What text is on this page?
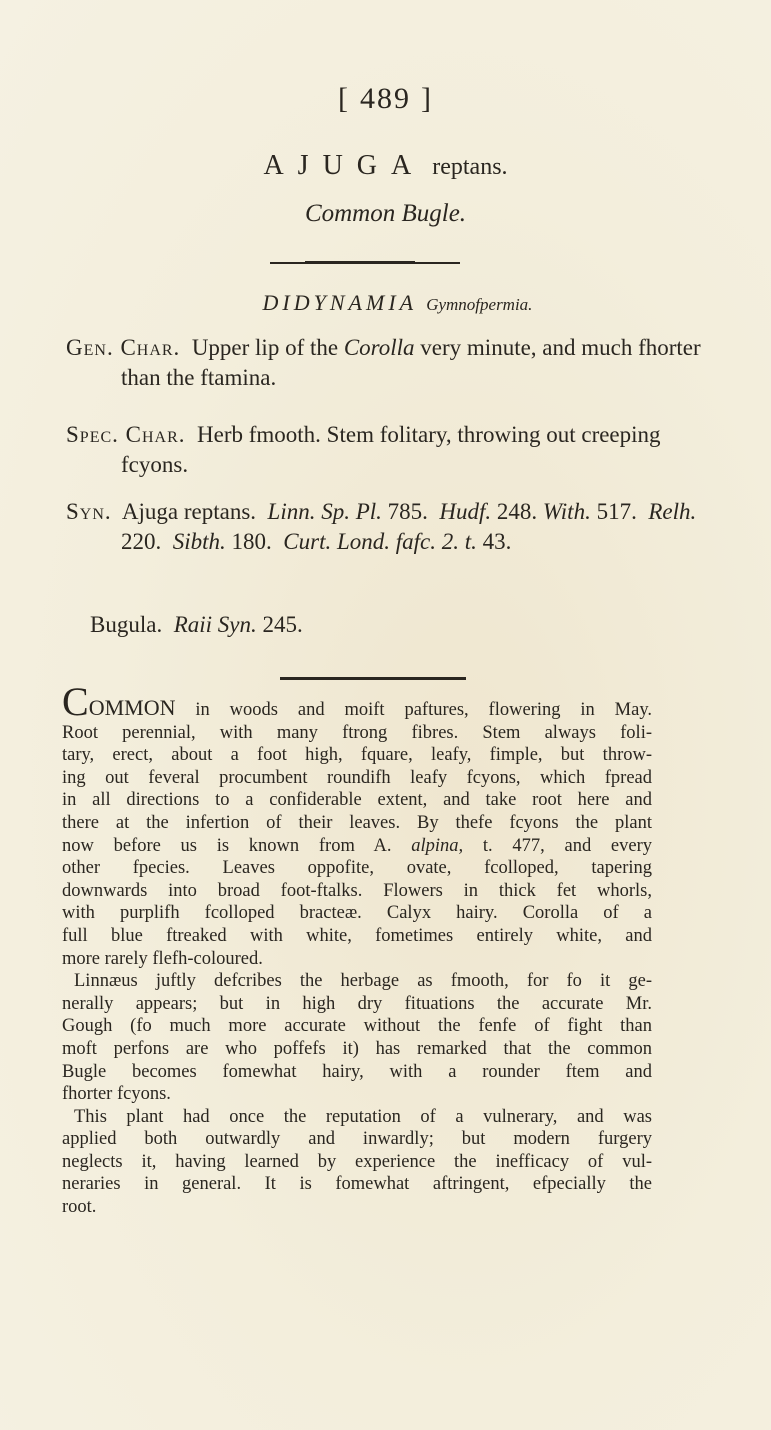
[ 489 ]
AJUGA reptans.
Common Bugle.
DIDYNAMIA Gymnofpermia.
Gen. Char. Upper lip of the Corolla very minute, and much fhorter than the ftamina.
Spec. Char. Herb fmooth. Stem folitary, throwing out creeping fcyons.
Syn. Ajuga reptans. Linn. Sp. Pl. 785. Hudf. 248. With. 517. Relh. 220. Sibth. 180. Curt. Lond. fafc. 2. t. 43.
Bugula. Raii Syn. 245.

COMMON in woods and moift paftures, flowering in May.
Root perennial, with many ftrong fibres. Stem always foli-
tary, erect, about a foot high, fquare, leafy, fimple, but throw-
ing out feveral procumbent roundifh leafy fcyons, which fpread
in all directions to a confiderable extent, and take root here and
there at the infertion of their leaves. By thefe fcyons the plant
now before us is known from A. alpina, t. 477, and every
other fpecies. Leaves oppofite, ovate, fcolloped, tapering
downwards into broad foot-ftalks. Flowers in thick fet whorls,
with purplifh fcolloped bracteæ. Calyx hairy. Corolla of a
full blue ftreaked with white, fometimes entirely white, and
more rarely flefh-coloured.

Linnæus juftly defcribes the herbage as fmooth, for fo it ge-
nerally appears; but in high dry fituations the accurate Mr.
Gough (fo much more accurate without the fenfe of fight than
moft perfons are who poffefs it) has remarked that the common
Bugle becomes fomewhat hairy, with a rounder ftem and
fhorter fcyons.

This plant had once the reputation of a vulnerary, and was
applied both outwardly and inwardly; but modern furgery
neglects it, having learned by experience the inefficacy of vul-
neraries in general. It is fomewhat aftringent, efpecially the
root.
